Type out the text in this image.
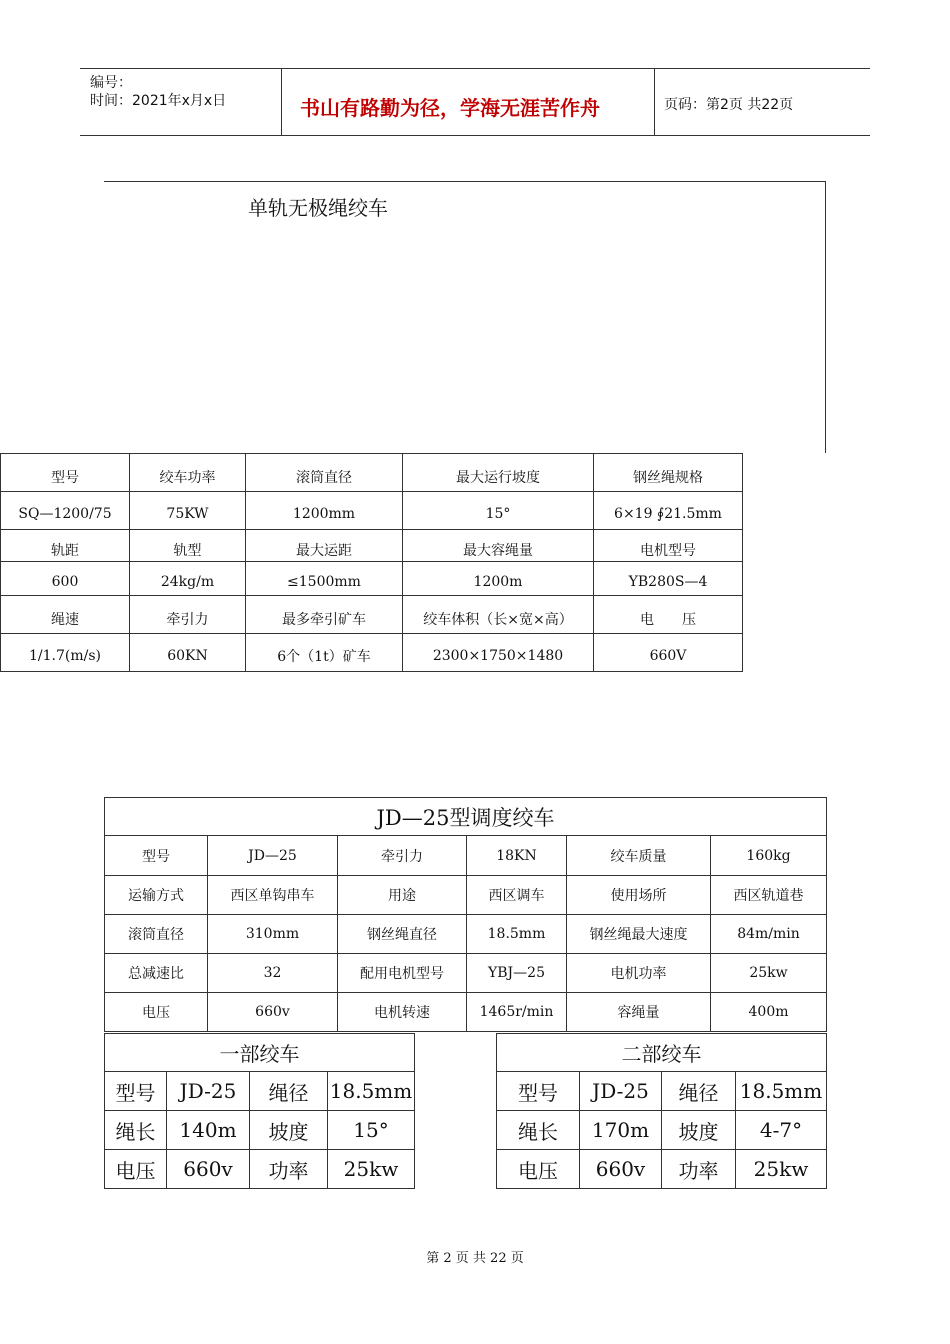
编号：
时间：2021年x月x日	书山有路勤为径，学海无涯苦作舟	页码：第2页 共22页
单轨无极绳绞车
型号	绞车功率	滚筒直径	最大运行坡度	钢丝绳规格
SQ—1200/75	75KW	1200mm	15°	6×19 ∮21.5mm
轨距	轨型	最大运距	最大容绳量	电机型号
600	24kg/m	≤1500mm	1200m	YB280S—4
绳速	牵引力	最多牵引矿车	绞车体积（长×宽×高）	电　　压
1/1.7(m/s)	60KN	6个（1t）矿车	2300×1750×1480	660V
JD—25型调度绞车					
型号	JD—25	牵引力	18KN	绞车质量	160kg
运输方式	西区单钩串车	用途	西区调车	使用场所	西区轨道巷
滚筒直径	310mm	钢丝绳直径	18.5mm	钢丝绳最大速度	84m/min
总减速比	32	配用电机型号	YBJ—25	电机功率	25kw
电压	660v	电机转速	1465r/min	容绳量	400m
一部绞车			
型号	JD-25	绳径	18.5mm
绳长	140m	坡度	15°
电压	660v	功率	25kw
二部绞车			
型号	JD-25	绳径	18.5mm
绳长	170m	坡度	4-7°
电压	660v	功率	25kw
第 2 页 共 22 页
